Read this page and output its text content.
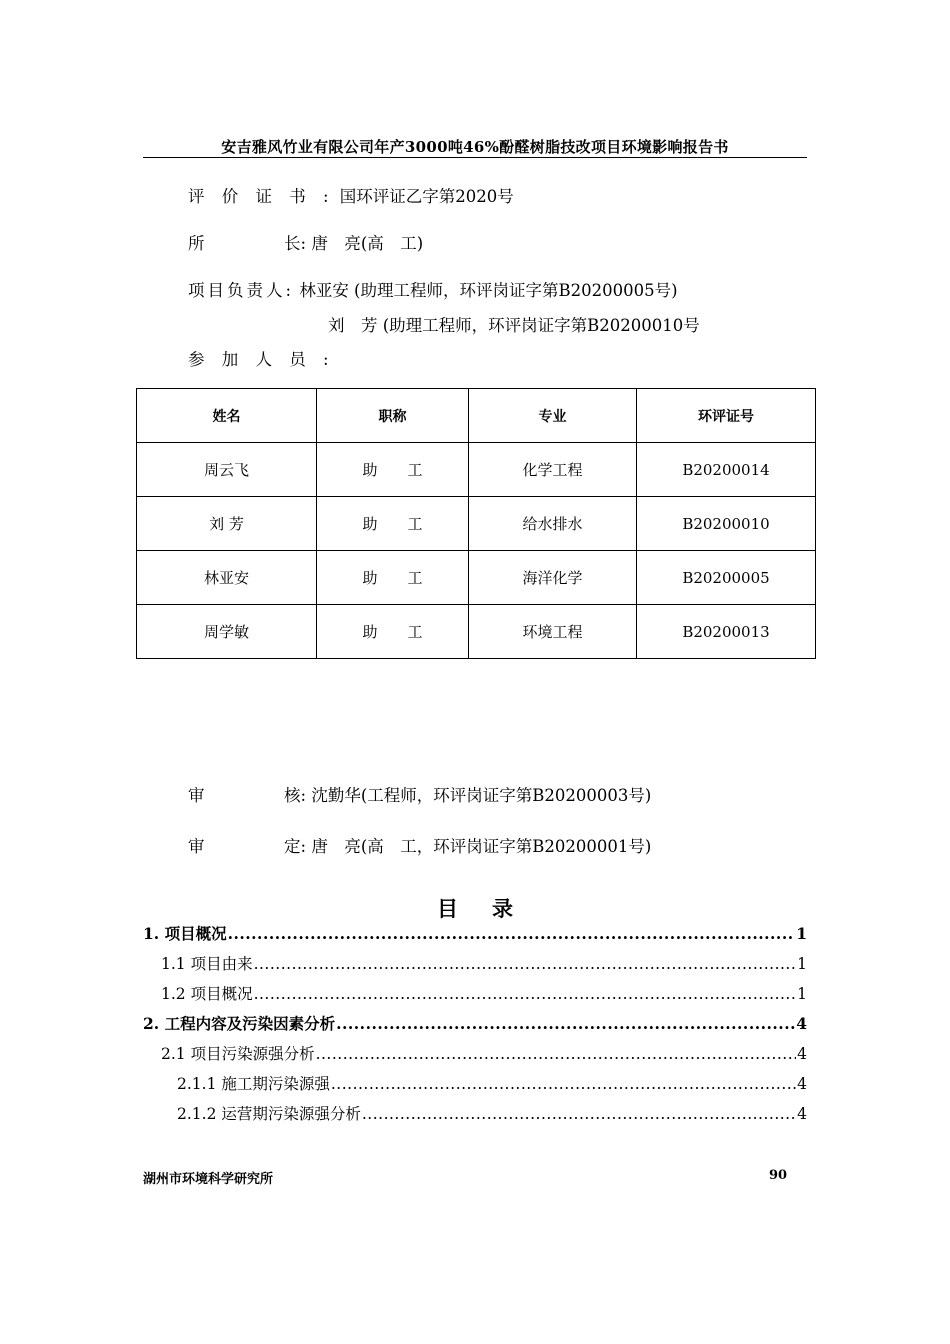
安吉雅风竹业有限公司年产3000吨46%酚醛树脂技改项目环境影响报告书
评 价 证 书 : 国环评证乙字第2020号
所	长: 唐　亮(高　工)
项目负责人: 林亚安 (助理工程师，环评岗证字第B20200005号)
刘　芳 (助理工程师，环评岗证字第B20200010号
参 加 人 员 :
姓名	职称	专业	环评证号
周云飞	助　　工	化学工程	B20200014
刘 芳	助　　工	给水排水	B20200010
林亚安	助　　工	海洋化学	B20200005
周学敏	助　　工	环境工程	B20200013
审	核: 沈勤华(工程师，环评岗证字第B20200003号)
审	定: 唐　亮(高　工，环评岗证字第B20200001号)
目录
1. 项目概况 .....	1
1.1 项目由来 .....	1
1.2 项目概况 .....	1
2. 工程内容及污染因素分析 .....	4
2.1 项目污染源强分析 .....	4
2.1.1 施工期污染源强 .....	4
2.1.2 运营期污染源强分析 .....	4
湖州市环境科学研究所	90
